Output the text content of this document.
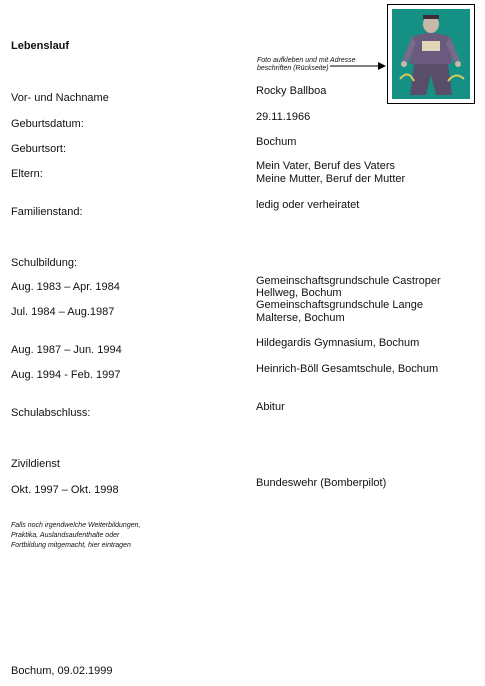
Lebenslauf
Foto aufkleben und mit Adresse
beschriften (Rückseite)
Vor- und Nachname
Rocky Ballboa
Geburtsdatum:
29.11.1966
Geburtsort:
Bochum
Eltern:
Mein Vater, Beruf des Vaters
Meine Mutter, Beruf der Mutter
Familienstand:
ledig oder verheiratet
Schulbildung:
Aug. 1983 – Apr. 1984	Gemeinschaftsgrundschule Castroper
Hellweg, Bochum
Jul. 1984 – Aug.1987
Gemeinschaftsgrundschule Lange
Malterse, Bochum
Aug. 1987 – Jun. 1994
Hildegardis Gymnasium, Bochum
Aug. 1994 - Feb. 1997	Heinrich-Böll Gesamtschule, Bochum
Schulabschluss:	Abitur
Zivildienst
Okt. 1997 – Okt. 1998
Bundeswehr (Bomberpilot)
Falls noch irgendwelche Weiterbildungen,
Praktika, Auslandsaufenthalte oder
Fortbildung mitgemacht, hier eintragen
Bochum, 09.02.1999
